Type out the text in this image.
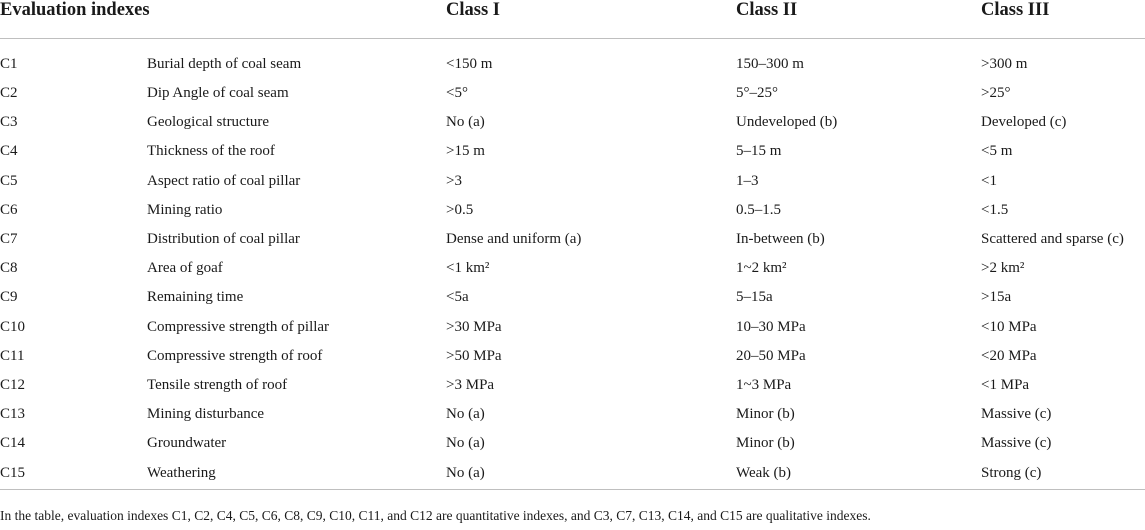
Evaluation indexes		Class I	Class II	Class III
C1	Burial depth of coal seam	<150 m	150–300 m	>300 m
C2	Dip Angle of coal seam	<5°	5°–25°	>25°
C3	Geological structure	No (a)	Undeveloped (b)	Developed (c)
C4	Thickness of the roof	>15 m	5–15 m	<5 m
C5	Aspect ratio of coal pillar	>3	1–3	<1
C6	Mining ratio	>0.5	0.5–1.5	<1.5
C7	Distribution of coal pillar	Dense and uniform (a)	In-between (b)	Scattered and sparse (c)
C8	Area of goaf	<1 km²	1~2 km²	>2 km²
C9	Remaining time	<5a	5–15a	>15a
C10	Compressive strength of pillar	>30 MPa	10–30 MPa	<10 MPa
C11	Compressive strength of roof	>50 MPa	20–50 MPa	<20 MPa
C12	Tensile strength of roof	>3 MPa	1~3 MPa	<1 MPa
C13	Mining disturbance	No (a)	Minor (b)	Massive (c)
C14	Groundwater	No (a)	Minor (b)	Massive (c)
C15	Weathering	No (a)	Weak (b)	Strong (c)
In the table, evaluation indexes C1, C2, C4, C5, C6, C8, C9, C10, C11, and C12 are quantitative indexes, and C3, C7, C13, C14, and C15 are qualitative indexes.
